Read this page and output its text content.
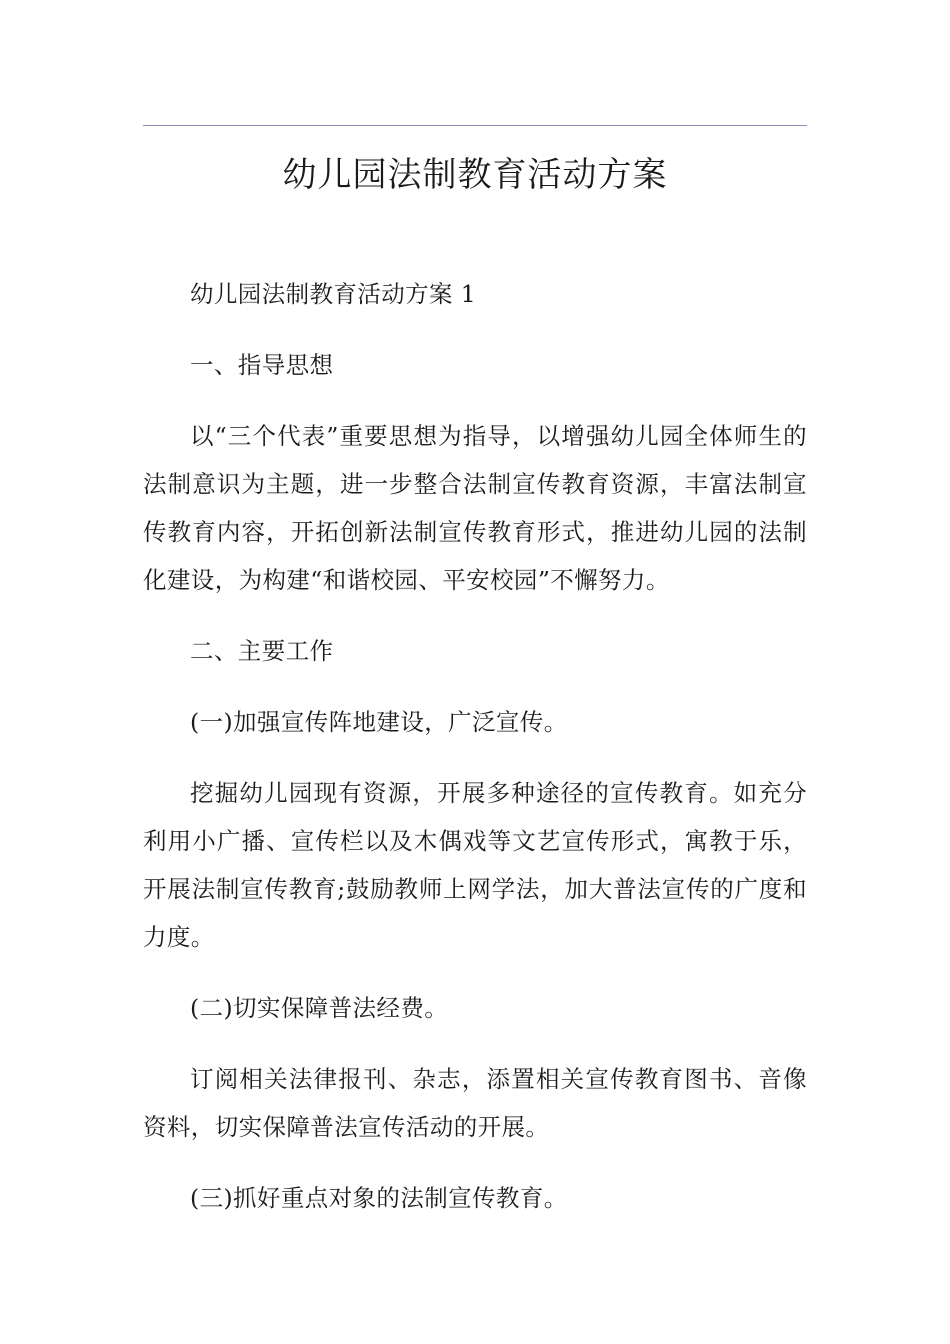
幼儿园法制教育活动方案

幼儿园法制教育活动方案 1

一、指导思想

以“三个代表”重要思想为指导，以增强幼儿园全体师生的法制意识为主题，进一步整合法制宣传教育资源，丰富法制宣传教育内容，开拓创新法制宣传教育形式，推进幼儿园的法制化建设，为构建“和谐校园、平安校园”不懈努力。

二、主要工作

(一)加强宣传阵地建设，广泛宣传。

挖掘幼儿园现有资源，开展多种途径的宣传教育。如充分利用小广播、宣传栏以及木偶戏等文艺宣传形式，寓教于乐，开展法制宣传教育;鼓励教师上网学法，加大普法宣传的广度和力度。

(二)切实保障普法经费。

订阅相关法律报刊、杂志，添置相关宣传教育图书、音像资料，切实保障普法宣传活动的开展。

(三)抓好重点对象的法制宣传教育。
